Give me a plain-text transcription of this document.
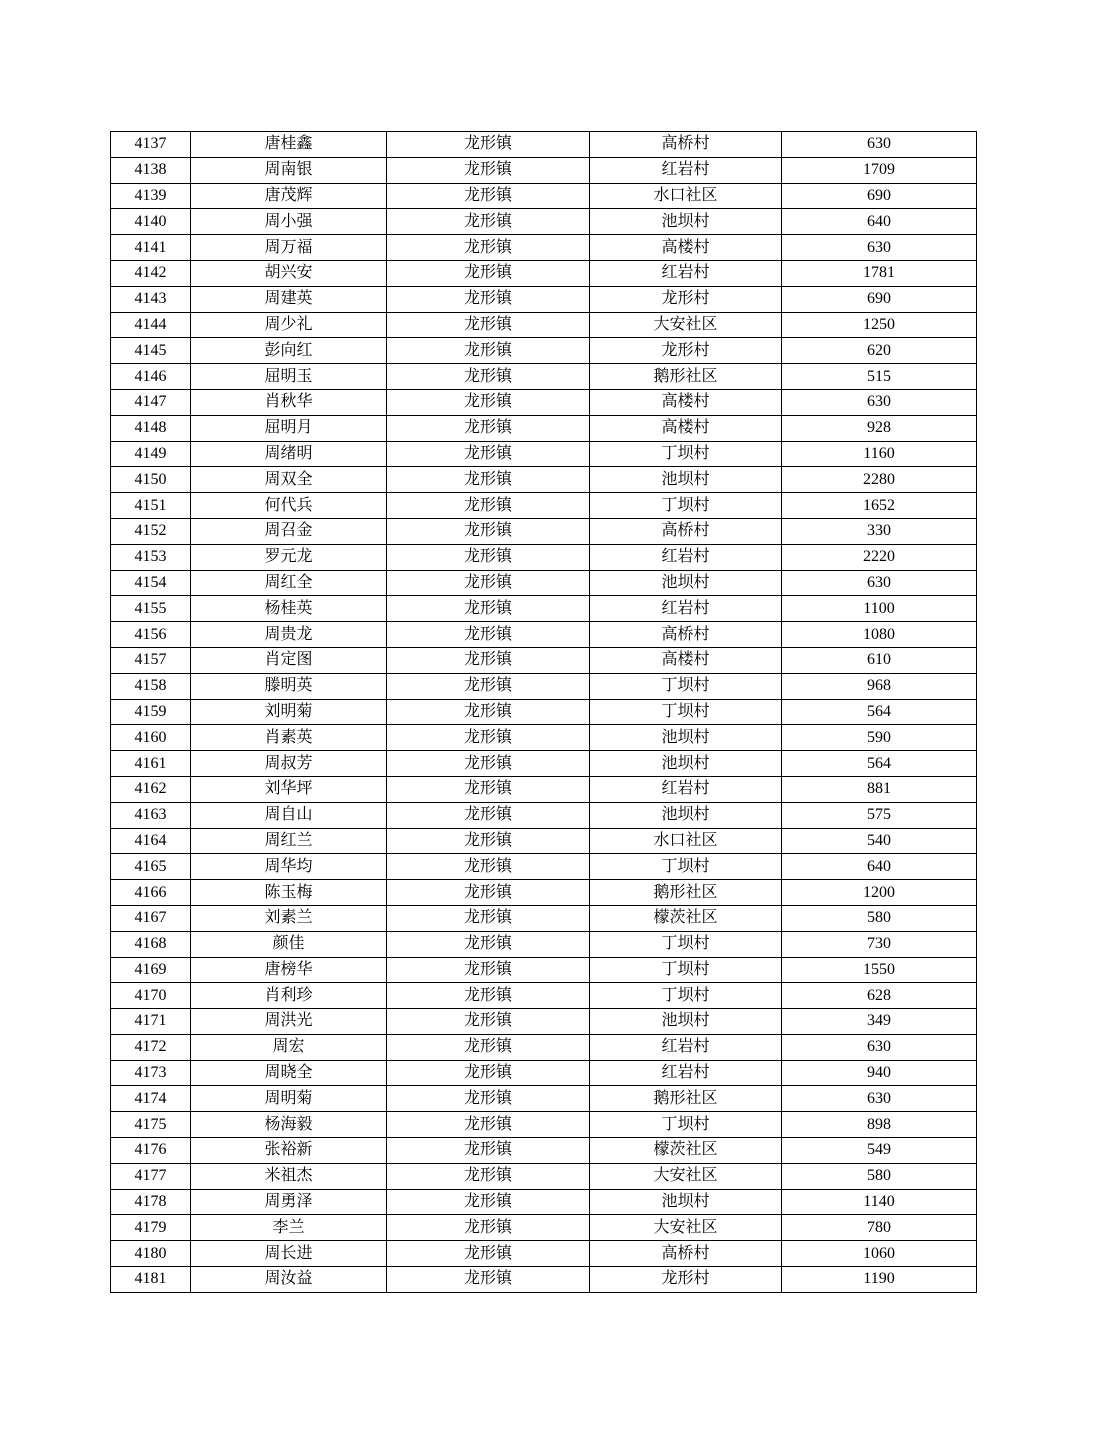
4137	唐桂鑫	龙形镇	高桥村	630
4138	周南银	龙形镇	红岩村	1709
4139	唐茂辉	龙形镇	水口社区	690
4140	周小强	龙形镇	池坝村	640
4141	周万福	龙形镇	高楼村	630
4142	胡兴安	龙形镇	红岩村	1781
4143	周建英	龙形镇	龙形村	690
4144	周少礼	龙形镇	大安社区	1250
4145	彭向红	龙形镇	龙形村	620
4146	屈明玉	龙形镇	鹅形社区	515
4147	肖秋华	龙形镇	高楼村	630
4148	屈明月	龙形镇	高楼村	928
4149	周绪明	龙形镇	丁坝村	1160
4150	周双全	龙形镇	池坝村	2280
4151	何代兵	龙形镇	丁坝村	1652
4152	周召金	龙形镇	高桥村	330
4153	罗元龙	龙形镇	红岩村	2220
4154	周红全	龙形镇	池坝村	630
4155	杨桂英	龙形镇	红岩村	1100
4156	周贵龙	龙形镇	高桥村	1080
4157	肖定图	龙形镇	高楼村	610
4158	滕明英	龙形镇	丁坝村	968
4159	刘明菊	龙形镇	丁坝村	564
4160	肖素英	龙形镇	池坝村	590
4161	周叔芳	龙形镇	池坝村	564
4162	刘华坪	龙形镇	红岩村	881
4163	周自山	龙形镇	池坝村	575
4164	周红兰	龙形镇	水口社区	540
4165	周华均	龙形镇	丁坝村	640
4166	陈玉梅	龙形镇	鹅形社区	1200
4167	刘素兰	龙形镇	檬茨社区	580
4168	颜佳	龙形镇	丁坝村	730
4169	唐榜华	龙形镇	丁坝村	1550
4170	肖利珍	龙形镇	丁坝村	628
4171	周洪光	龙形镇	池坝村	349
4172	周宏	龙形镇	红岩村	630
4173	周晓全	龙形镇	红岩村	940
4174	周明菊	龙形镇	鹅形社区	630
4175	杨海毅	龙形镇	丁坝村	898
4176	张裕新	龙形镇	檬茨社区	549
4177	米祖杰	龙形镇	大安社区	580
4178	周勇泽	龙形镇	池坝村	1140
4179	李兰	龙形镇	大安社区	780
4180	周长进	龙形镇	高桥村	1060
4181	周汝益	龙形镇	龙形村	1190
